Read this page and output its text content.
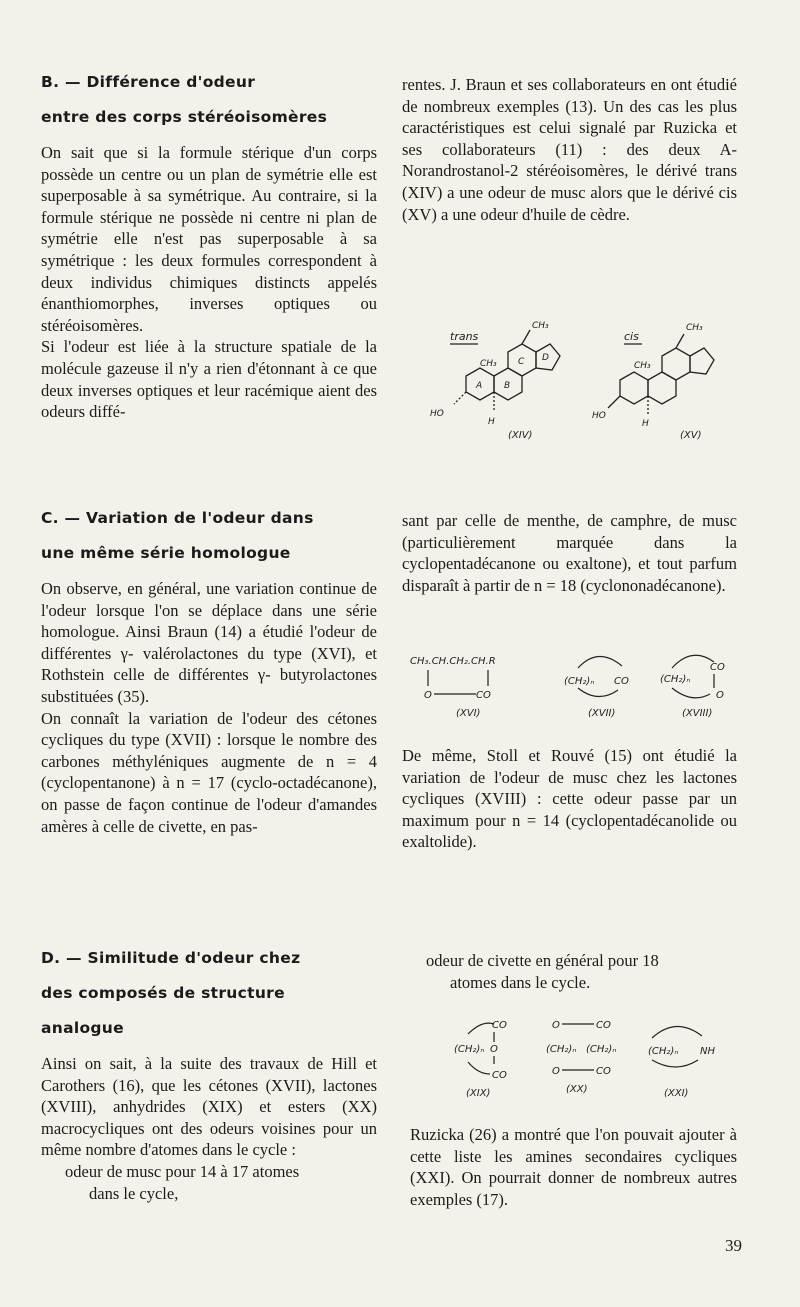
B. — Différence d'odeur

entre des corps stéréoisomères

On sait que si la formule stérique d'un corps possède un centre ou un plan de symétrie elle est superposable à sa symétrique. Au contraire, si la formule stérique ne possède ni centre ni plan de symétrie elle n'est pas superposable à sa symétrique : les deux formules correspondent à deux individus chimiques distincts appelés énanthiomorphes, inverses optiques ou stéréoisomères.

Si l'odeur est liée à la structure spatiale de la molécule gazeuse il n'y a rien d'étonnant à ce que deux inverses optiques et leur racémique aient des odeurs diffé-

rentes. J. Braun et ses collaborateurs en ont étudié de nombreux exemples (13). Un des cas les plus caractéristiques est celui signalé par Ruzicka et ses collaborateurs (11) : des deux A-Norandrostanol-2 stéréoisomères, le dérivé trans (XIV) a une odeur de musc alors que le dérivé cis (XV) a une odeur d'huile de cèdre.

trans
CH₃
CH₃
A B
C D
HO
H
(XIV)
cis
CH₃
CH₃
HO
H
(XV)

C. — Variation de l'odeur dans

une même série homologue

On observe, en général, une variation continue de l'odeur lorsque l'on se déplace dans une série homologue. Ainsi Braun (14) a étudié l'odeur de différentes γ- valérolactones du type (XVI), et Rothstein celle de différentes γ- butyrolactones substituées (35).

On connaît la variation de l'odeur des cétones cycliques du type (XVII) : lorsque le nombre des carbones méthyléniques augmente de n = 4 (cyclopentanone) à n = 17 (cyclo-octadécanone), on passe de façon continue de l'odeur d'amandes amères à celle de civette, en pas-

sant par celle de menthe, de camphre, de musc (particulièrement marquée dans la cyclopentadécanone ou exaltone), et tout parfum disparaît à partir de n = 18 (cyclononadécanone).

CH₃.CH.CH₂.CH.R
O	CO
(XVI)
(CH₂)ₙ CO
(XVII)
(CH₂)ₙ
CO
O
(XVIII)

De même, Stoll et Rouvé (15) ont étudié la variation de l'odeur de musc chez les lactones cycliques (XVIII) : cette odeur passe par un maximum pour n = 14 (cyclopentadécanolide ou exaltolide).

D. — Similitude d'odeur chez

des composés de structure

analogue

Ainsi on sait, à la suite des travaux de Hill et Carothers (16), que les cétones (XVII), lactones (XVIII), anhydrides (XIX) et esters (XX) macrocycliques ont des odeurs voisines pour un même nombre d'atomes dans le cycle :

odeur de musc pour 14 à 17 atomes

dans le cycle,

odeur de civette en général pour 18

atomes dans le cycle.

CO
(CH₂)ₙ O
CO
(XIX)
O	CO
(CH₂)ₙ (CH₂)ₙ
O	CO
(XX)
(CH₂)ₙ NH
(XXI)

Ruzicka (26) a montré que l'on pouvait ajouter à cette liste les amines secondaires cycliques (XXI). On pourrait donner de nombreux autres exemples (17).

39
